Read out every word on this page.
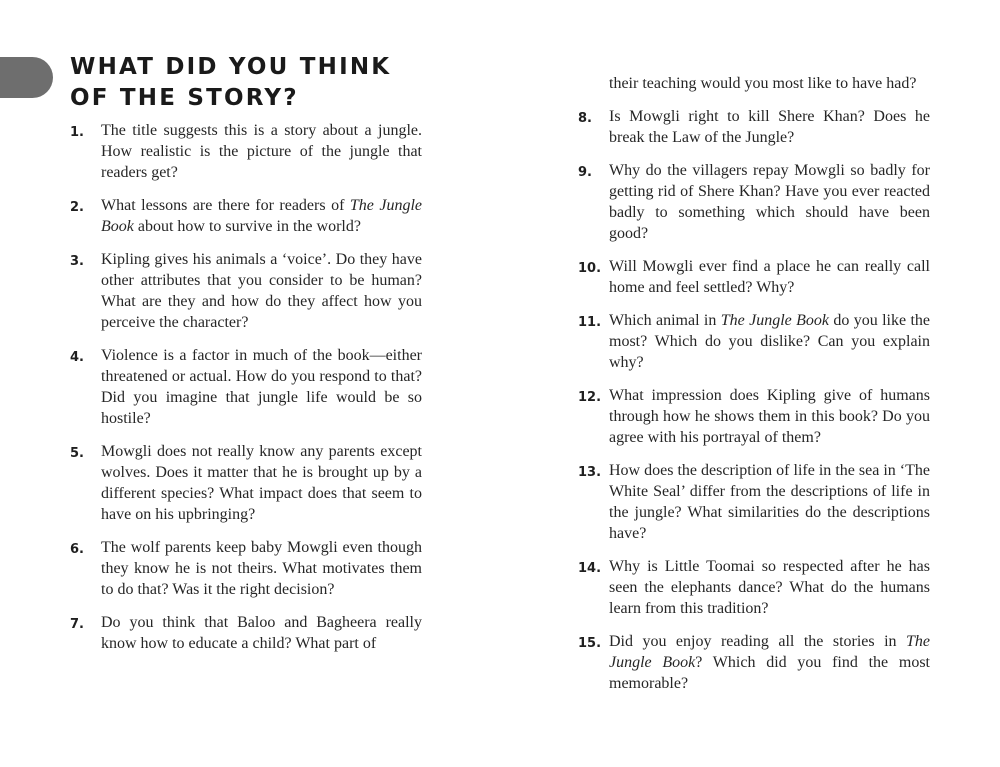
WHAT DID YOU THINK
OF THE STORY?
1.	The title suggests this is a story about a jungle. How realistic is the picture of the jungle that readers get?
2.	What lessons are there for readers of The Jungle Book about how to survive in the world?
3.	Kipling gives his animals a ‘voice’. Do they have other attributes that you consider to be human? What are they and how do they affect how you perceive the character?
4.	Violence is a factor in much of the book—either threatened or actual. How do you respond to that? Did you imagine that jungle life would be so hostile?
5.	Mowgli does not really know any parents except wolves. Does it matter that he is brought up by a different species? What impact does that seem to have on his upbringing?
6.	The wolf parents keep baby Mowgli even though they know he is not theirs. What motivates them to do that? Was it the right decision?
7.	Do you think that Baloo and Bagheera really know how to educate a child? What part of
their teaching would you most like to have had?
8.	Is Mowgli right to kill Shere Khan? Does he break the Law of the Jungle?
9.	Why do the villagers repay Mowgli so badly for getting rid of Shere Khan? Have you ever reacted badly to something which should have been good?
10. Will Mowgli ever find a place he can really call home and feel settled? Why?
11. Which animal in The Jungle Book do you like the most? Which do you dislike? Can you explain why?
12. What impression does Kipling give of humans through how he shows them in this book? Do you agree with his portrayal of them?
13. How does the description of life in the sea in ‘The White Seal’ differ from the descriptions of life in the jungle? What similarities do the descriptions have?
14. Why is Little Toomai so respected after he has seen the elephants dance? What do the humans learn from this tradition?
15. Did you enjoy reading all the stories in The Jungle Book? Which did you find the most memorable?
